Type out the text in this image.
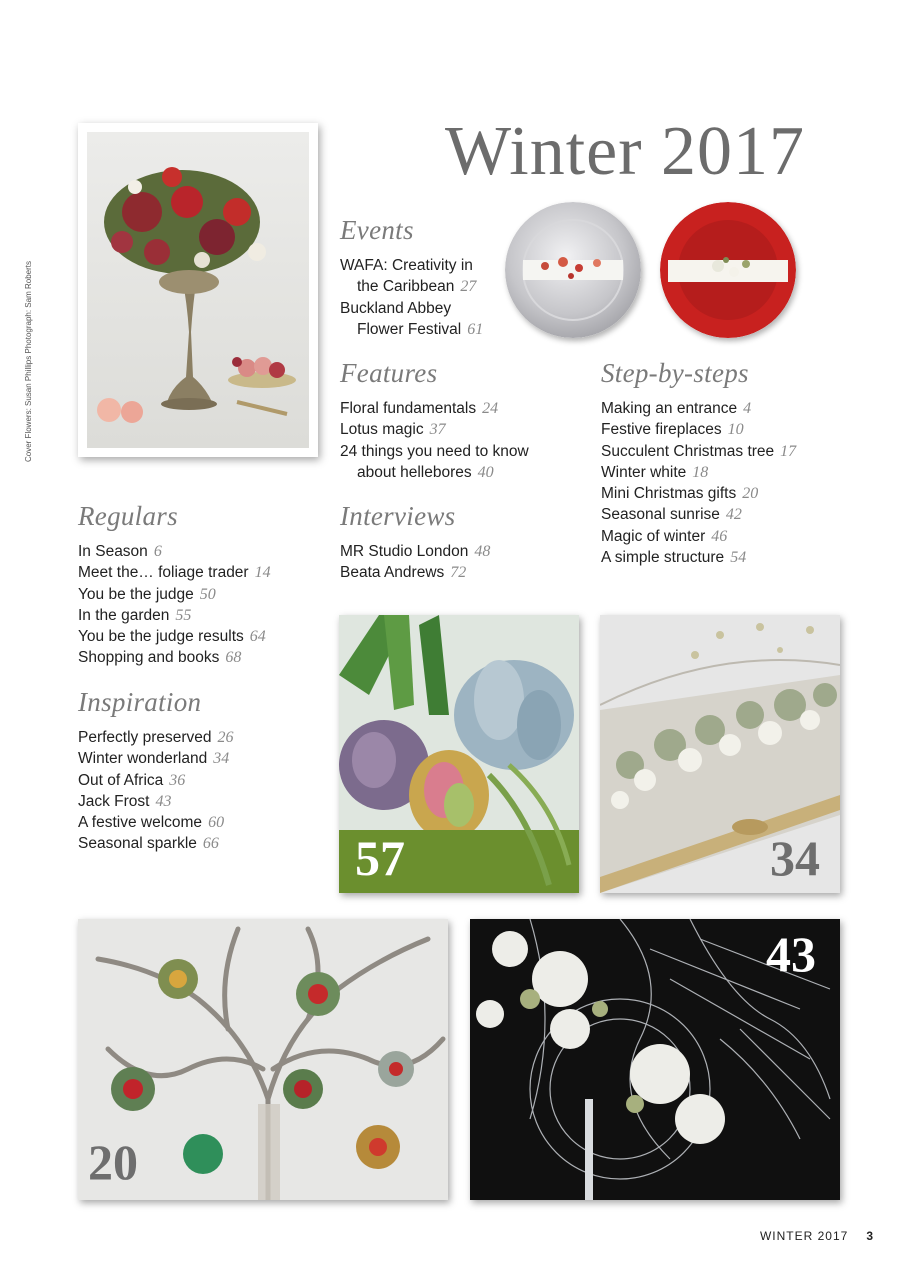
Winter 2017
Cover Flowers: Susan Phillips Photograph: Sam Roberts
Events
WAFA: Creativity in
the Caribbean 27
Buckland Abbey
Flower Festival 61
Features
Floral fundamentals 24
Lotus magic 37
24 things you need to know
about hellebores 40
Step-by-steps
Making an entrance 4
Festive fireplaces 10
Succulent Christmas tree 17
Winter white 18
Mini Christmas gifts 20
Seasonal sunrise 42
Magic of winter 46
A simple structure 54
Regulars
In Season 6
Meet the… foliage trader 14
You be the judge 50
In the garden 55
You be the judge results 64
Shopping and books 68
Interviews
MR Studio London 48
Beata Andrews 72
Inspiration
Perfectly preserved 26
Winter wonderland 34
Out of Africa 36
Jack Frost 43
A festive welcome 60
Seasonal sparkle 66	57	34
20
43
WINTER 2017 3
